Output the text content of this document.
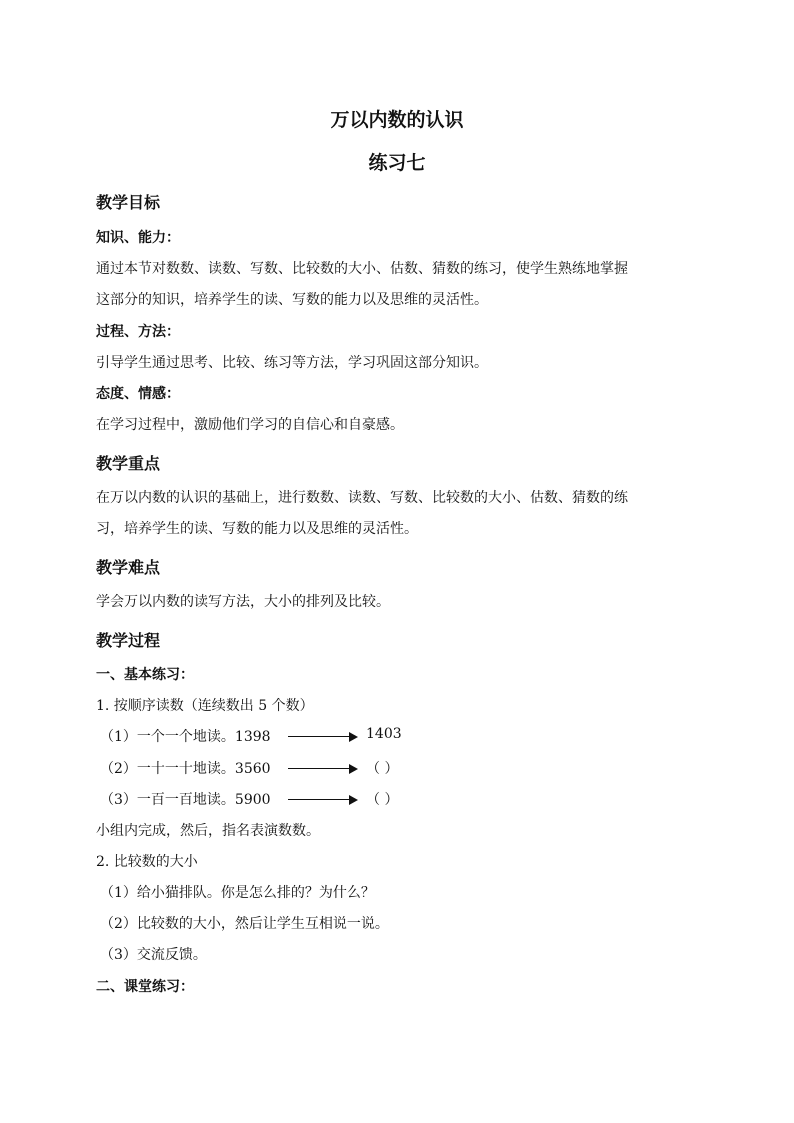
万以内数的认识
练习七
教学目标
知识、能力：
通过本节对数数、读数、写数、比较数的大小、估数、猜数的练习，使学生熟练地掌握
这部分的知识，培养学生的读、写数的能力以及思维的灵活性。
过程、方法：
引导学生通过思考、比较、练习等方法，学习巩固这部分知识。
态度、情感：
在学习过程中，激励他们学习的自信心和自豪感。
教学重点
在万以内数的认识的基础上，进行数数、读数、写数、比较数的大小、估数、猜数的练
习，培养学生的读、写数的能力以及思维的灵活性。
教学难点
学会万以内数的读写方法，大小的排列及比较。
教学过程
一、基本练习：
1. 按顺序读数（连续数出 5 个数）
（1）一个一个地读。1398	1403
（2）一十一十地读。3560	（ ）
（3）一百一百地读。5900	（ ）
小组内完成，然后，指名表演数数。
2. 比较数的大小
（1）给小猫排队。你是怎么排的？为什么？
（2）比较数的大小，然后让学生互相说一说。
（3）交流反馈。
二、课堂练习：
